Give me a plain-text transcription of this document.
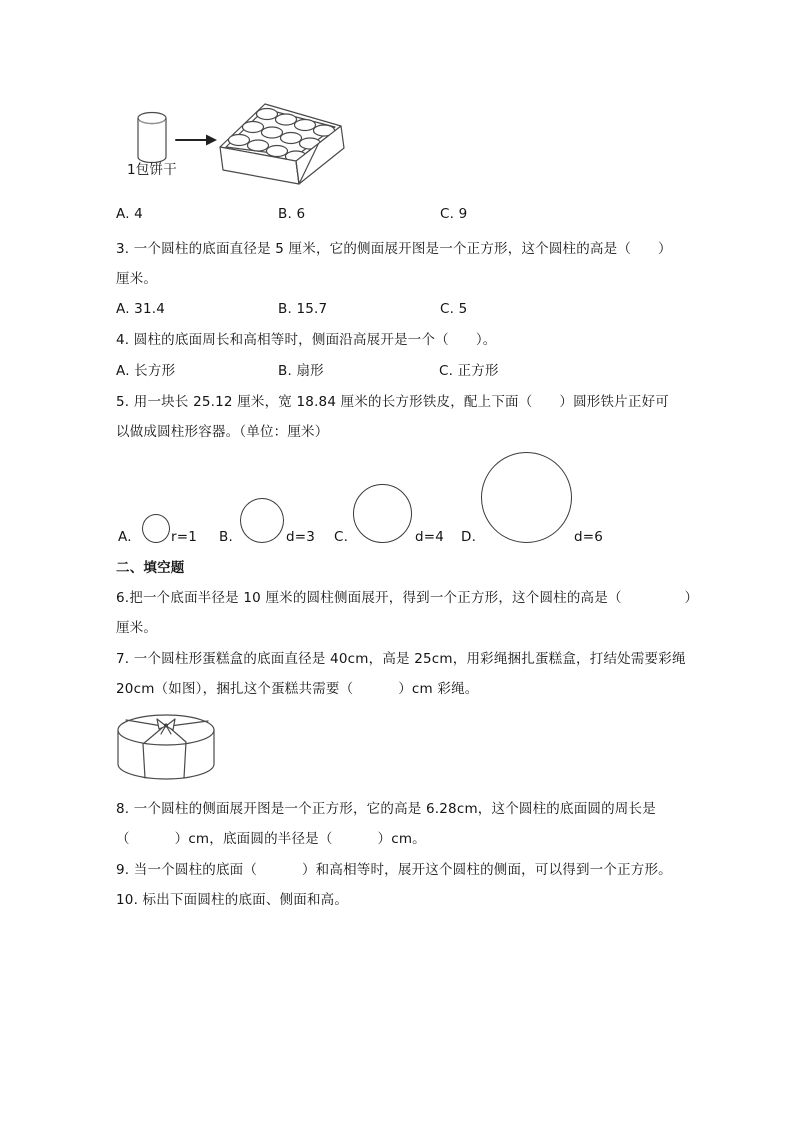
1包饼干
A. 4	B. 6	C. 9
3. 一个圆柱的底面直径是 5 厘米，它的侧面展开图是一个正方形，这个圆柱的高是（      ）
厘米。
A. 31.4	B. 15.7	C. 5
4. 圆柱的底面周长和高相等时，侧面沿高展开是一个（      ）。
A. 长方形	B. 扇形	C. 正方形
5. 用一块长 25.12 厘米，宽 18.84 厘米的长方形铁皮，配上下面（      ）圆形铁片正好可
以做成圆柱形容器。（单位：厘米）
A.	r=1 B.	d=3 C.	d=4 D.	d=6
二、填空题
6.把一个底面半径是 10 厘米的圆柱侧面展开，得到一个正方形，这个圆柱的高是（              ）
厘米。
7. 一个圆柱形蛋糕盒的底面直径是 40cm，高是 25cm，用彩绳捆扎蛋糕盒，打结处需要彩绳
20cm（如图），捆扎这个蛋糕共需要（          ）cm 彩绳。
8. 一个圆柱的侧面展开图是一个正方形，它的高是 6.28cm，这个圆柱的底面圆的周长是
（          ）cm，底面圆的半径是（          ）cm。
9. 当一个圆柱的底面（          ）和高相等时，展开这个圆柱的侧面，可以得到一个正方形。
10. 标出下面圆柱的底面、侧面和高。
